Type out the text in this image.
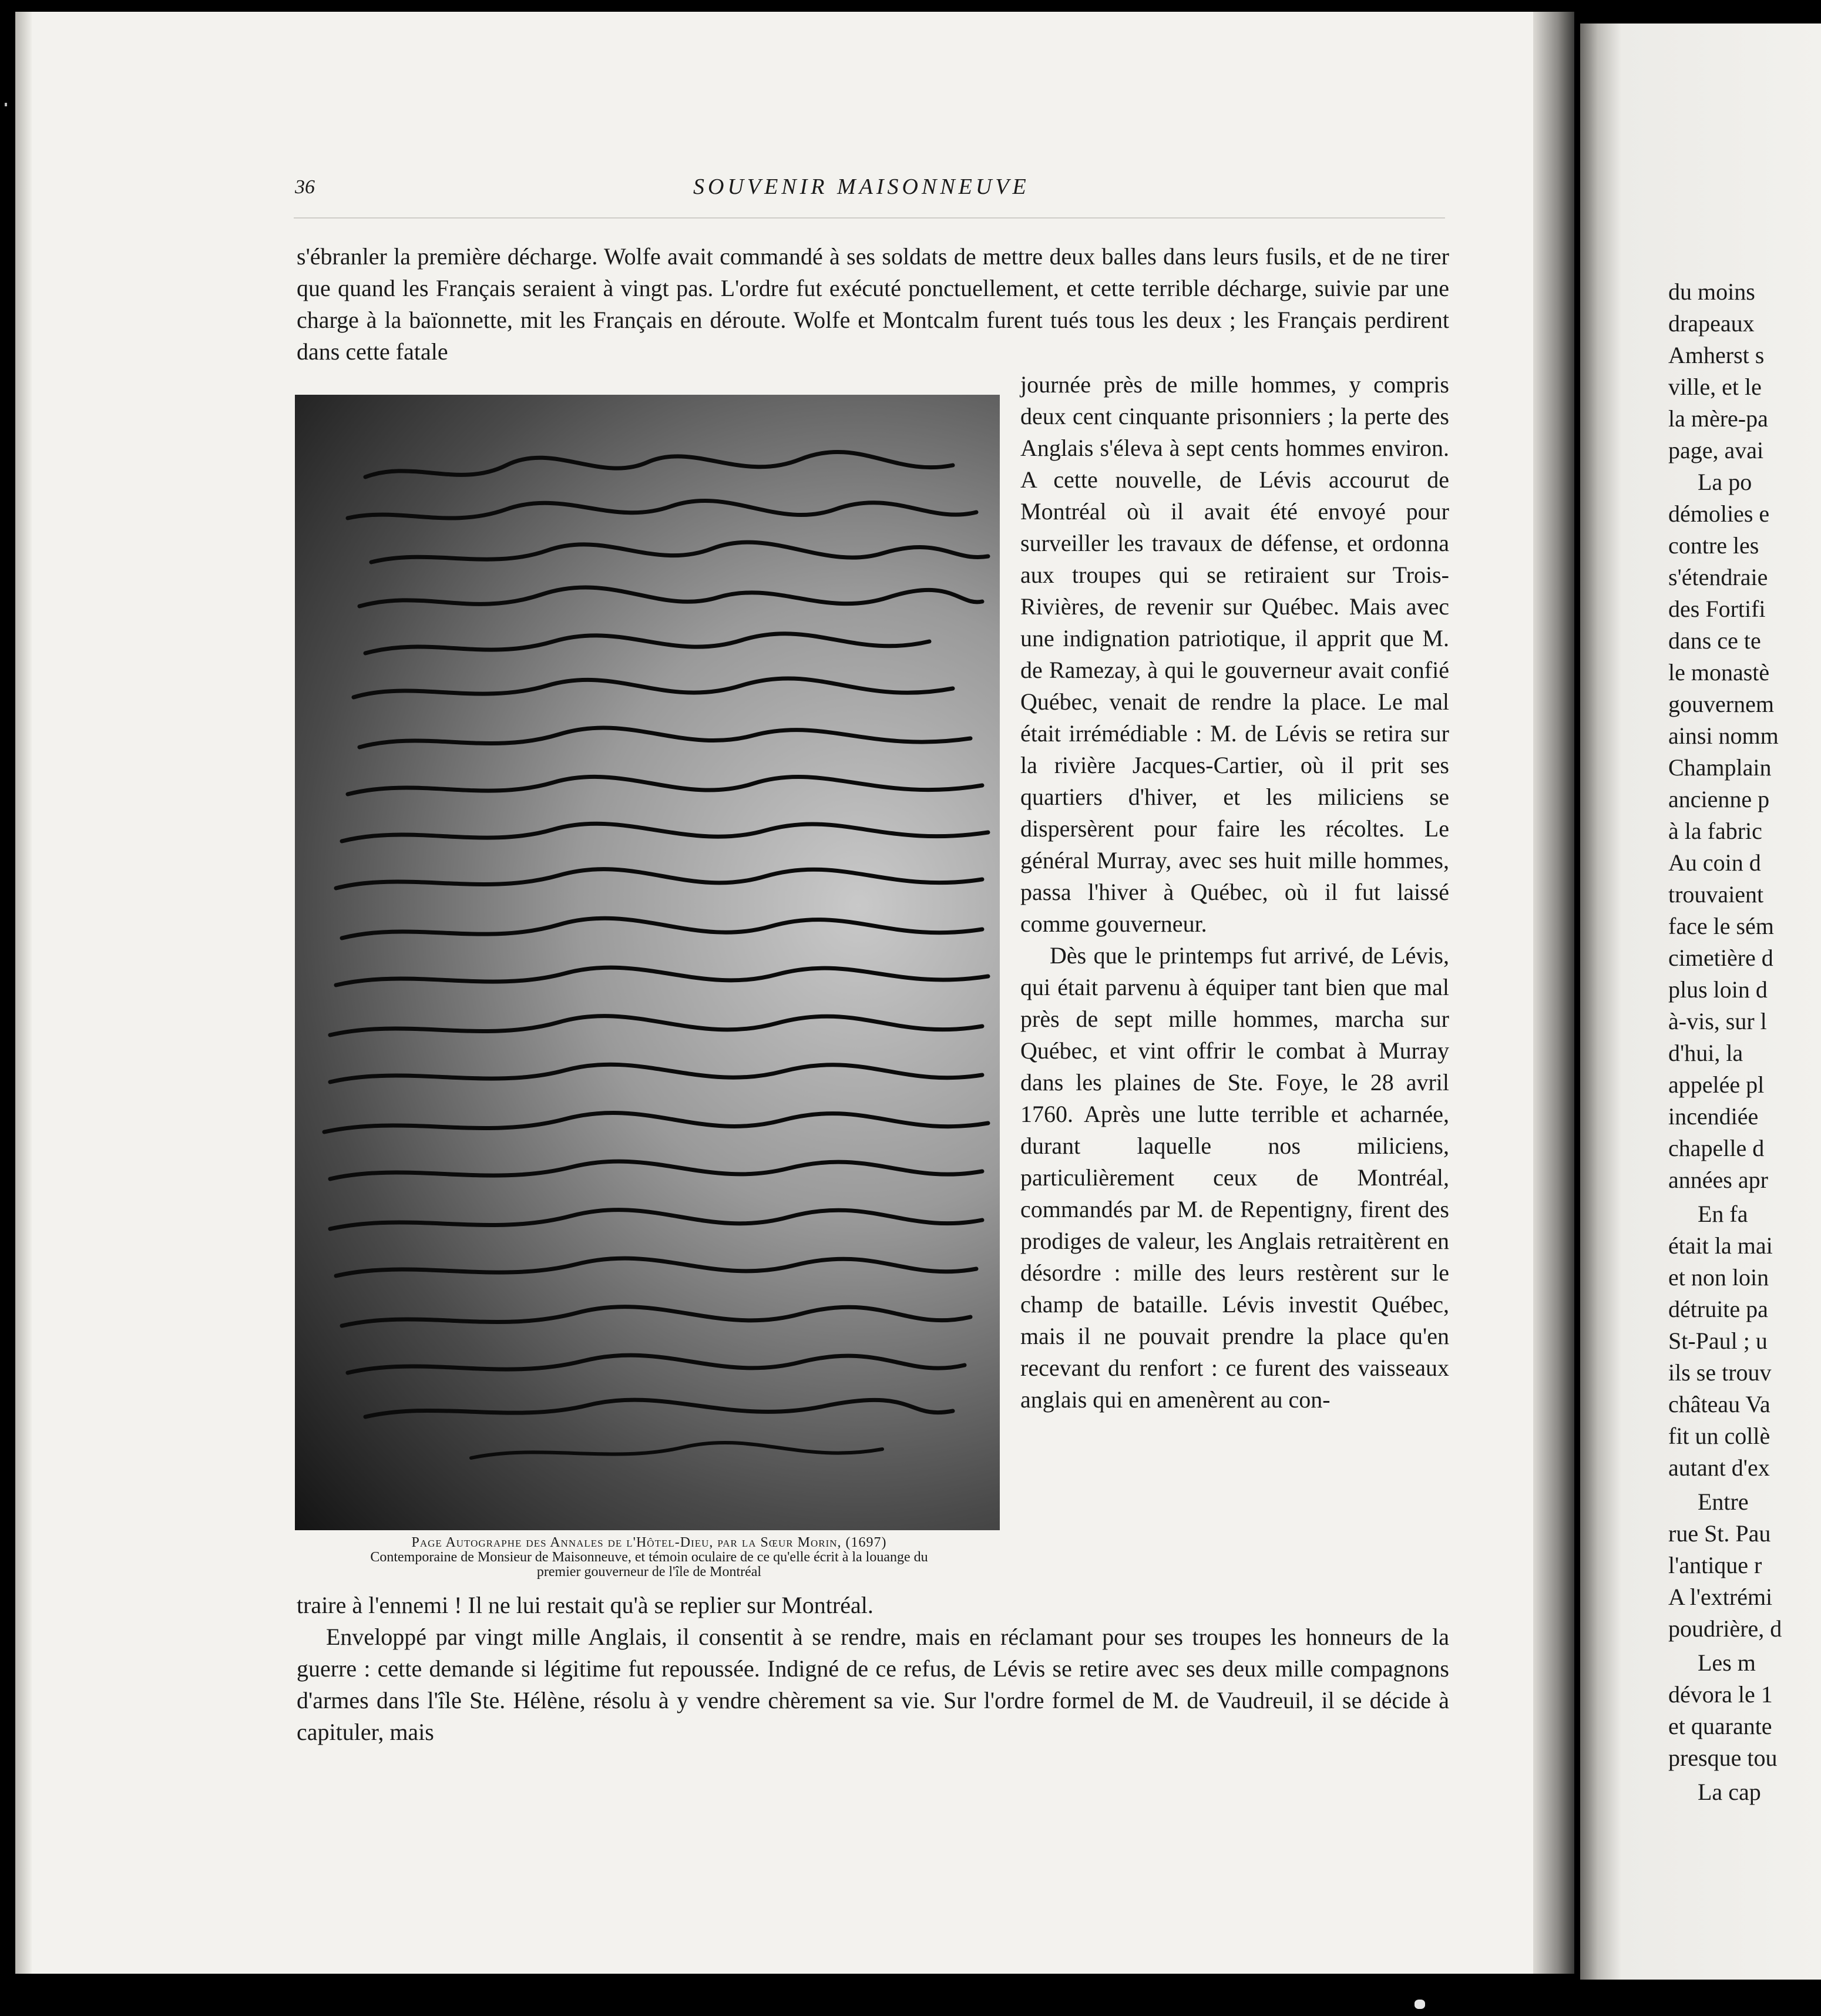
36	SOUVENIR MAISONNEUVE

s'ébranler la première décharge. Wolfe avait commandé à ses soldats de mettre deux balles dans leurs fusils, et de ne tirer que quand les Français seraient à vingt pas. L'ordre fut exécuté ponctuellement, et cette terrible décharge, suivie par une charge à la baïonnette, mit les Français en déroute. Wolfe et Montcalm furent tués tous les deux ; les Français perdirent dans cette fatale

Page Autographe des Annales de l'Hôtel-Dieu, par la Sœur Morin, (1697)
Contemporaine de Monsieur de Maisonneuve, et témoin oculaire de ce qu'elle écrit à la louange du
premier gouverneur de l'île de Montréal

journée près de mille hommes, y compris deux cent cinquante prisonniers ; la perte des Anglais s'éleva à sept cents hommes environ. A cette nouvelle, de Lévis accourut de Montréal où il avait été envoyé pour surveiller les travaux de défense, et ordonna aux troupes qui se retiraient sur Trois-Rivières, de revenir sur Québec. Mais avec une indignation patriotique, il apprit que M. de Ramezay, à qui le gouverneur avait confié Québec, venait de rendre la place. Le mal était irrémédiable : M. de Lévis se retira sur la rivière Jacques-Cartier, où il prit ses quartiers d'hiver, et les miliciens se dispersèrent pour faire les récoltes. Le général Murray, avec ses huit mille hommes, passa l'hiver à Québec, où il fut laissé comme gouverneur.

Dès que le printemps fut arrivé, de Lévis, qui était parvenu à équiper tant bien que mal près de sept mille hommes, marcha sur Québec, et vint offrir le combat à Murray dans les plaines de Ste. Foye, le 28 avril 1760. Après une lutte terrible et acharnée, durant laquelle nos miliciens, particulièrement ceux de Montréal, commandés par M. de Repentigny, firent des prodiges de valeur, les Anglais retraitèrent en désordre : mille des leurs restèrent sur le champ de bataille. Lévis investit Québec, mais il ne pouvait prendre la place qu'en recevant du renfort : ce furent des vaisseaux anglais qui en amenèrent au con-

traire à l'ennemi ! Il ne lui restait qu'à se replier sur Montréal.

Enveloppé par vingt mille Anglais, il consentit à se rendre, mais en réclamant pour ses troupes les honneurs de la guerre : cette demande si légitime fut repoussée. Indigné de ce refus, de Lévis se retire avec ses deux mille compagnons d'armes dans l'île Ste. Hélène, résolu à y vendre chèrement sa vie. Sur l'ordre formel de M. de Vaudreuil, il se décide à capituler, mais

du moins
drapeaux
Amherst s
ville, et le
la mère-pa
page, avai
La po
démolies e
contre les
s'étendraie
des Fortifi
dans ce te
le monastè
gouvernem
ainsi nomm
Champlain
ancienne p
à la fabric
Au coin d
trouvaient
face le sém
cimetière d
plus loin d
à-vis, sur l
d'hui, la
appelée pl
incendiée
chapelle d
années apr
En fa
était la mai
et non loin
détruite pa
St-Paul ; u
ils se trouv
château Va
fit un collè
autant d'ex
Entre
rue St. Pau
l'antique r
A l'extrémi
poudrière, d
Les m
dévora le 1
et quarante
presque tou
La cap
